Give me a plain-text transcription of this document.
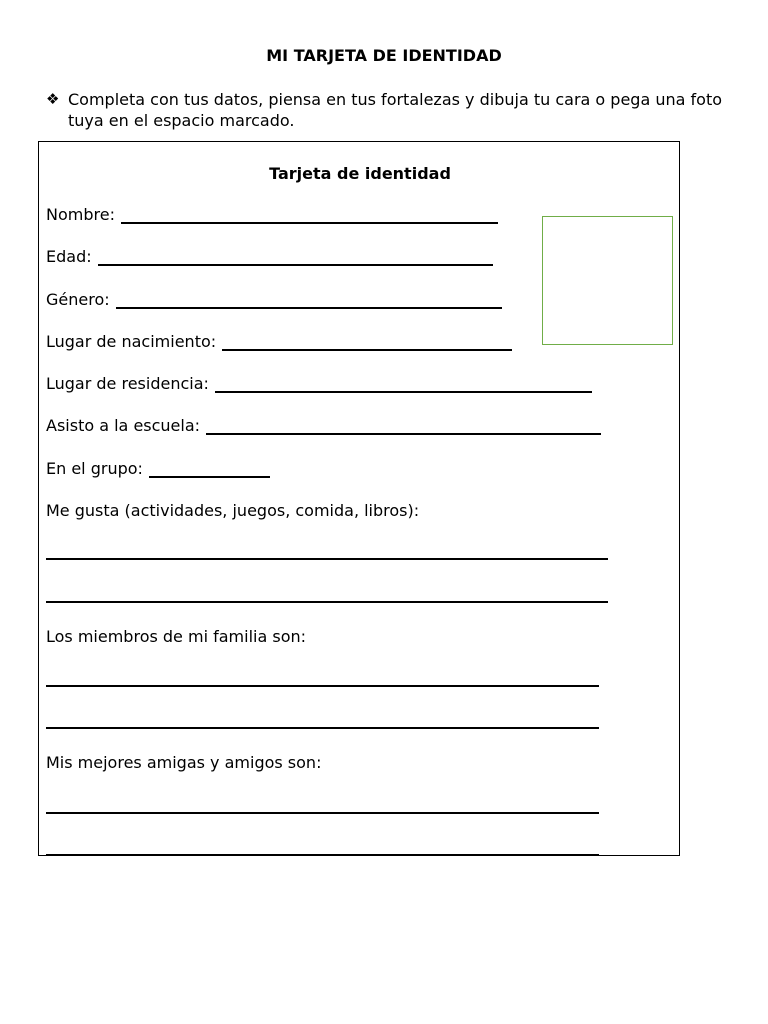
MI TARJETA DE IDENTIDAD
❖ Completa con tus datos, piensa en tus fortalezas y dibuja tu cara o pega una foto tuya en el espacio marcado.
Tarjeta de identidad
Nombre:
Edad:
Género:
Lugar de nacimiento:
Lugar de residencia:
Asisto a la escuela:
En el grupo:
Me gusta (actividades, juegos, comida, libros):
Los miembros de mi familia son:
Mis mejores amigas y amigos son:
